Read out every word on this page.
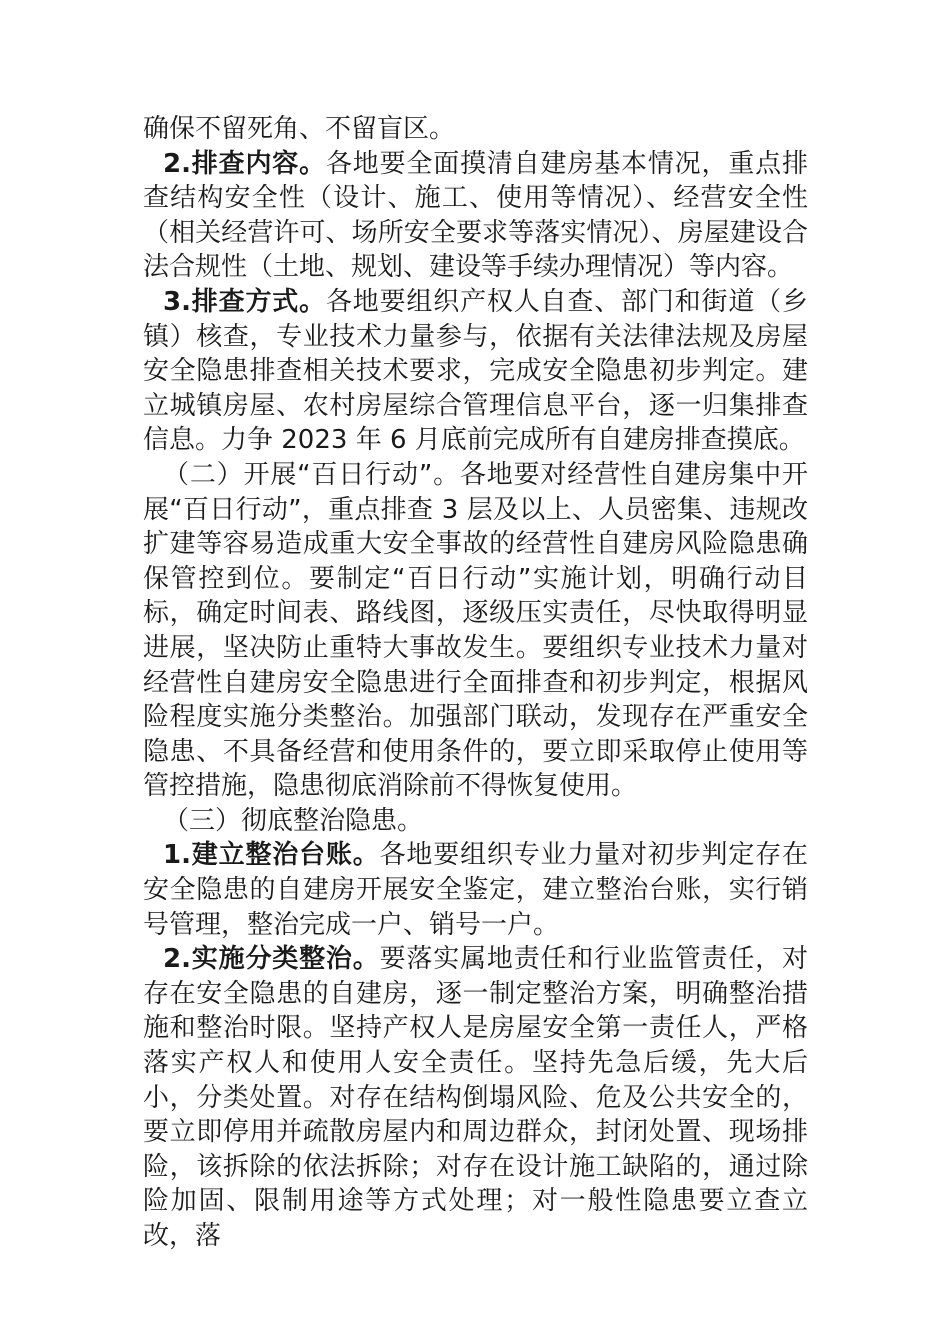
确保不留死角、不留盲区。

2.排查内容。各地要全面摸清自建房基本情况，重点排查结构安全性（设计、施工、使用等情况）、经营安全性（相关经营许可、场所安全要求等落实情况）、房屋建设合法合规性（土地、规划、建设等手续办理情况）等内容。

3.排查方式。各地要组织产权人自查、部门和街道（乡镇）核查，专业技术力量参与，依据有关法律法规及房屋安全隐患排查相关技术要求，完成安全隐患初步判定。建立城镇房屋、农村房屋综合管理信息平台，逐一归集排查信息。力争 2023 年 6 月底前完成所有自建房排查摸底。

（二）开展“百日行动”。各地要对经营性自建房集中开展“百日行动”，重点排查 3 层及以上、人员密集、违规改扩建等容易造成重大安全事故的经营性自建房风险隐患确保管控到位。要制定“百日行动”实施计划，明确行动目标，确定时间表、路线图，逐级压实责任，尽快取得明显进展，坚决防止重特大事故发生。要组织专业技术力量对经营性自建房安全隐患进行全面排查和初步判定，根据风险程度实施分类整治。加强部门联动，发现存在严重安全隐患、不具备经营和使用条件的，要立即采取停止使用等管控措施，隐患彻底消除前不得恢复使用。

（三）彻底整治隐患。

1.建立整治台账。各地要组织专业力量对初步判定存在安全隐患的自建房开展安全鉴定，建立整治台账，实行销号管理，整治完成一户、销号一户。

2.实施分类整治。要落实属地责任和行业监管责任，对存在安全隐患的自建房，逐一制定整治方案，明确整治措施和整治时限。坚持产权人是房屋安全第一责任人，严格落实产权人和使用人安全责任。坚持先急后缓，先大后小，分类处置。对存在结构倒塌风险、危及公共安全的，要立即停用并疏散房屋内和周边群众，封闭处置、现场排险，该拆除的依法拆除；对存在设计施工缺陷的，通过除险加固、限制用途等方式处理；对一般性隐患要立查立改，落
